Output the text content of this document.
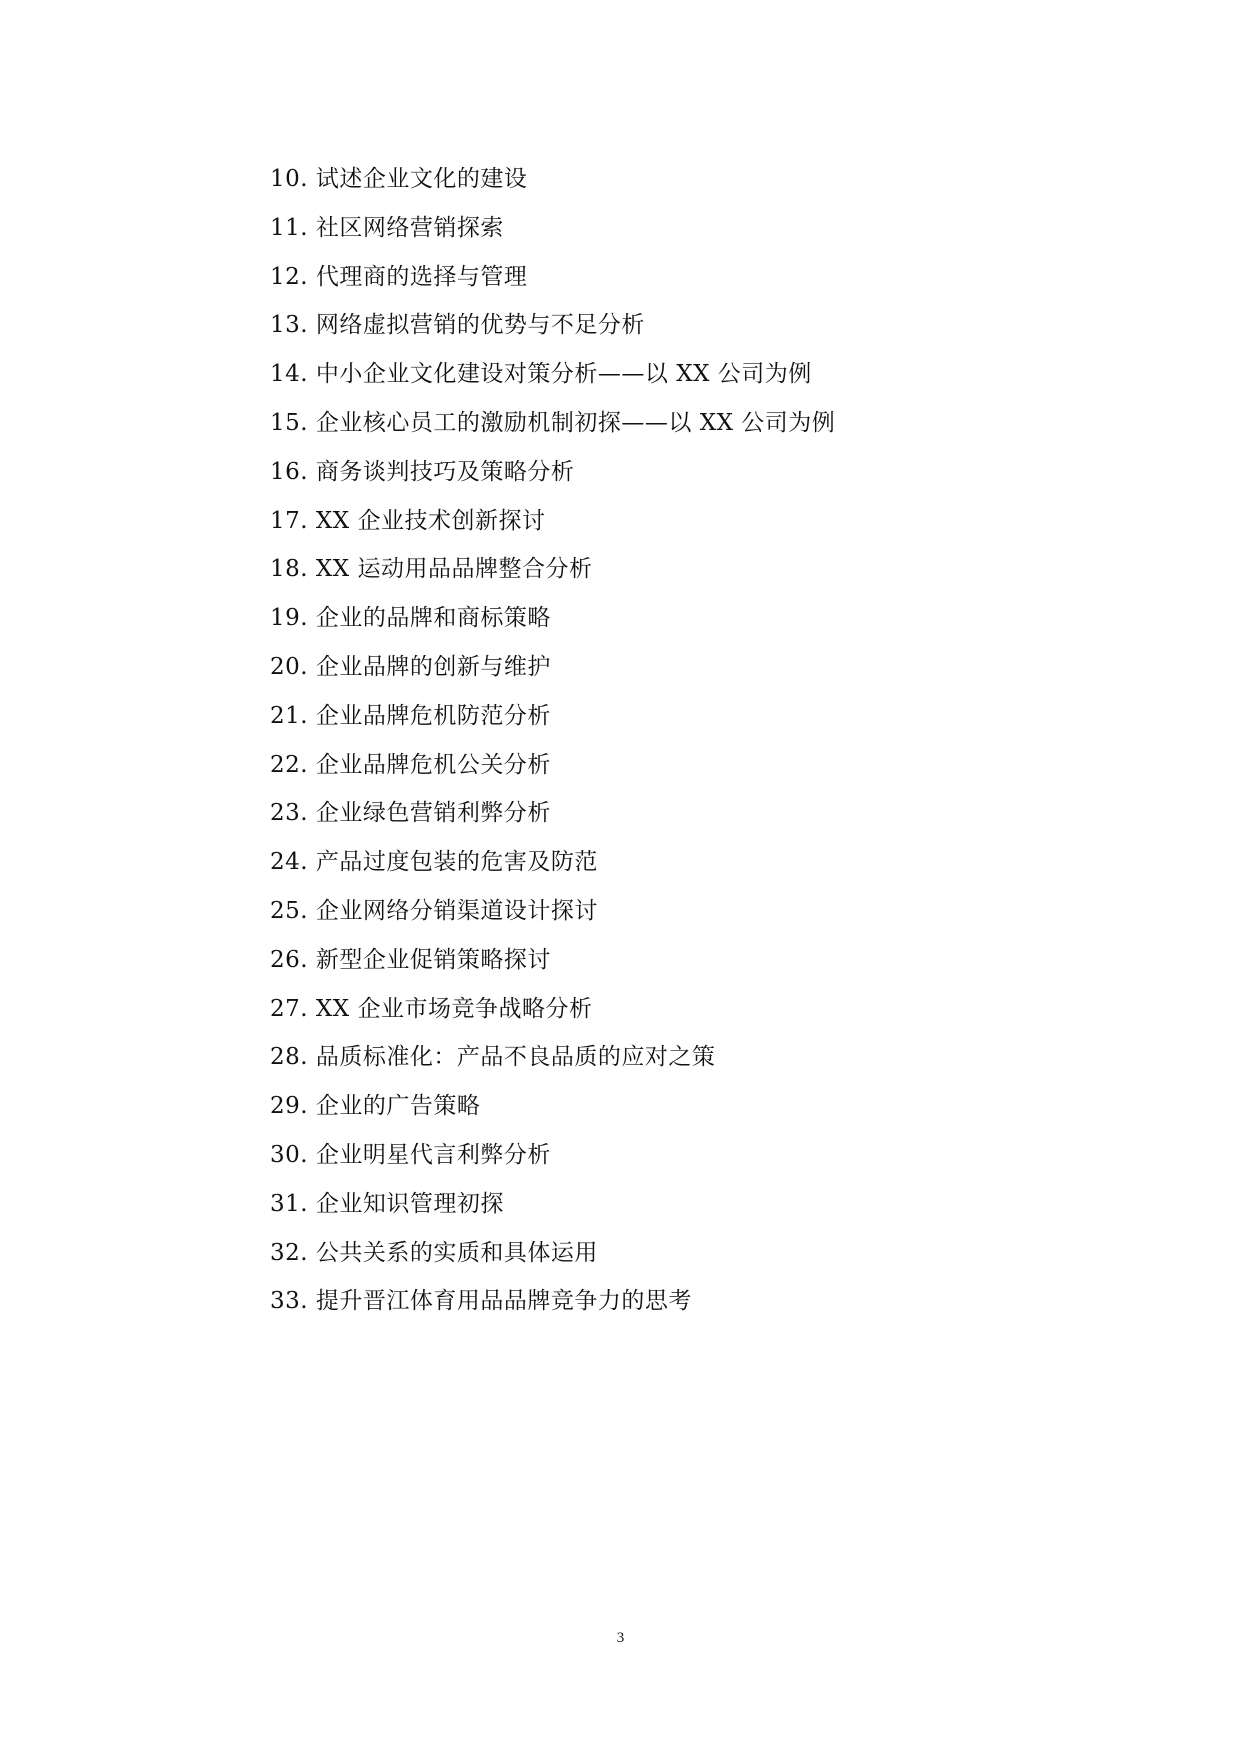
10. 试述企业文化的建设
11. 社区网络营销探索
12. 代理商的选择与管理
13. 网络虚拟营销的优势与不足分析
14. 中小企业文化建设对策分析——以 XX 公司为例
15. 企业核心员工的激励机制初探——以 XX 公司为例
16. 商务谈判技巧及策略分析
17. XX 企业技术创新探讨
18. XX 运动用品品牌整合分析
19. 企业的品牌和商标策略
20. 企业品牌的创新与维护
21. 企业品牌危机防范分析
22. 企业品牌危机公关分析
23. 企业绿色营销利弊分析
24. 产品过度包装的危害及防范
25. 企业网络分销渠道设计探讨
26. 新型企业促销策略探讨
27. XX 企业市场竞争战略分析
28. 品质标准化：产品不良品质的应对之策
29. 企业的广告策略
30. 企业明星代言利弊分析
31. 企业知识管理初探
32. 公共关系的实质和具体运用
33. 提升晋江体育用品品牌竞争力的思考
3
